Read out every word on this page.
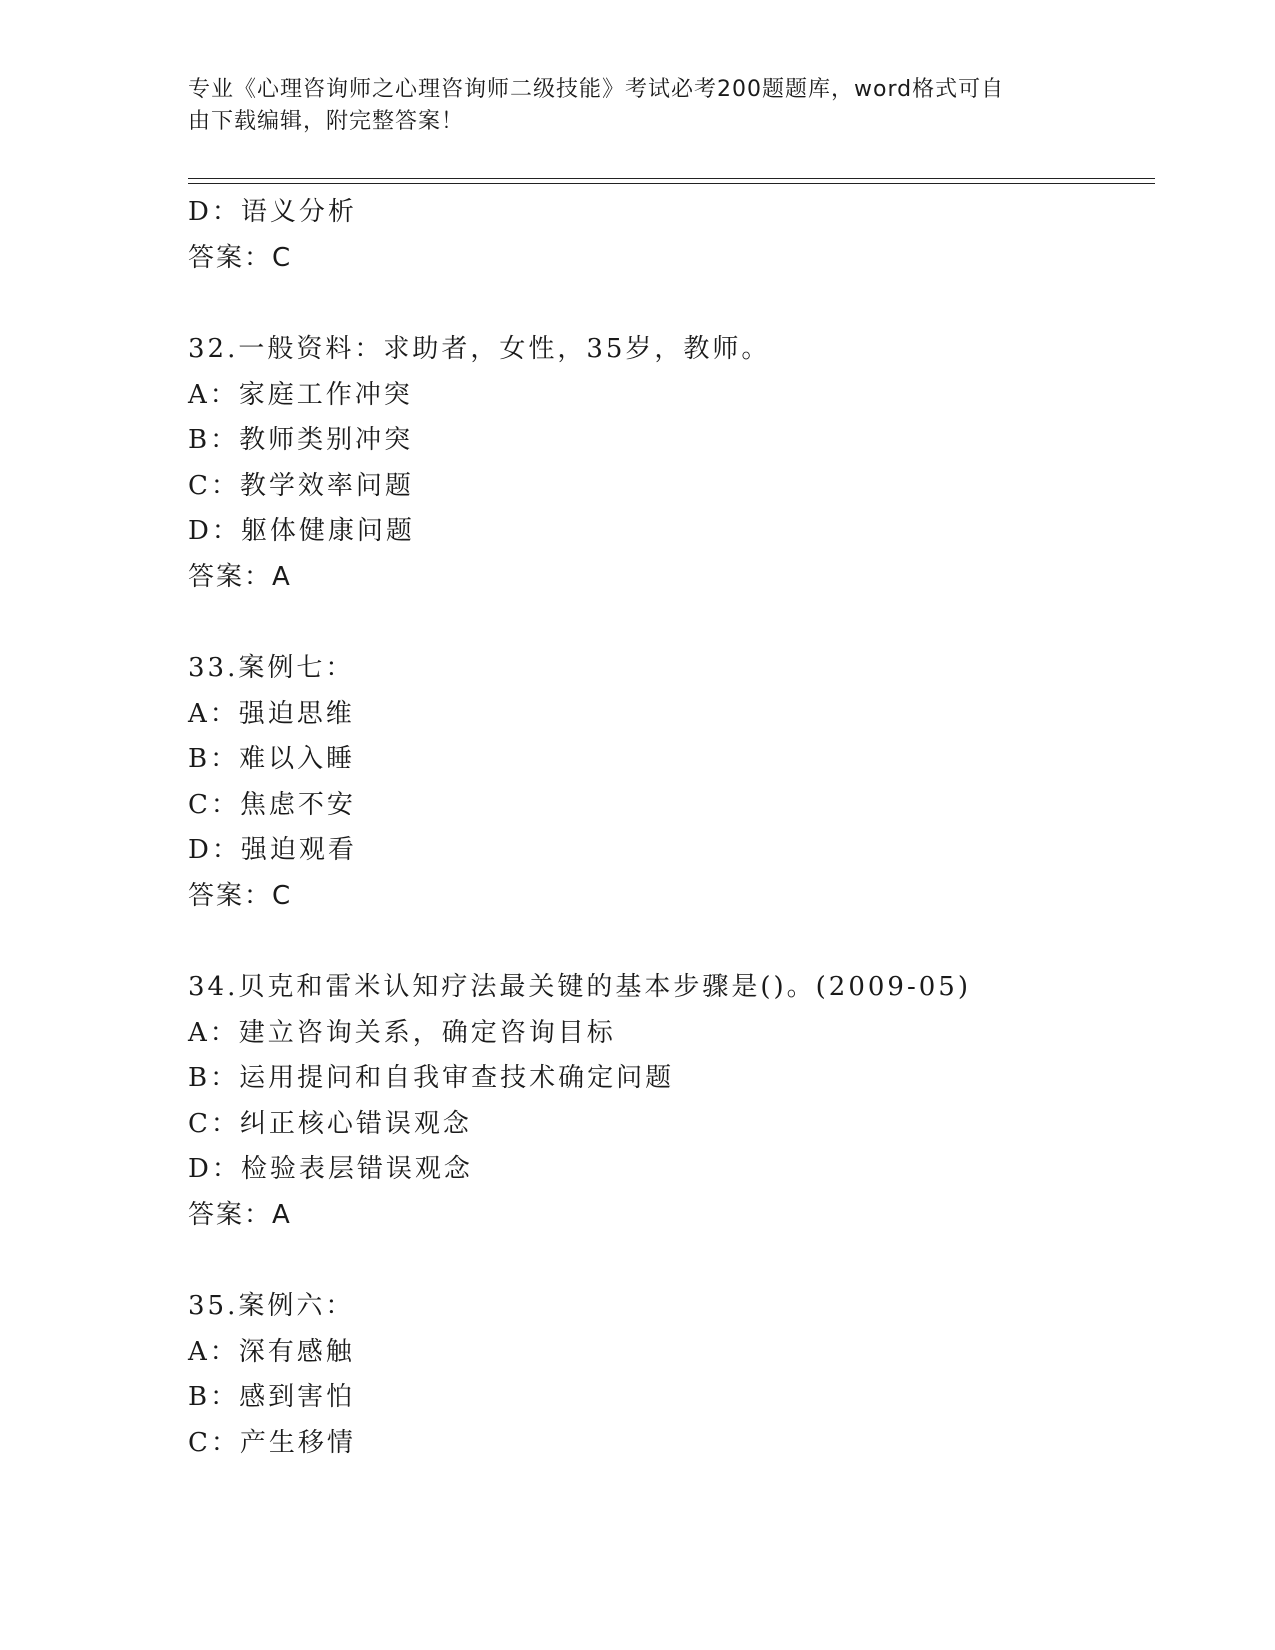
专业《心理咨询师之心理咨询师二级技能》考试必考200题题库，word格式可自
由下载编辑，附完整答案！
D：语义分析
答案：C
32.一般资料：求助者，女性，35岁，教师。
A：家庭工作冲突
B：教师类别冲突
C：教学效率问题
D：躯体健康问题
答案：A
33.案例七：
A：强迫思维
B：难以入睡
C：焦虑不安
D：强迫观看
答案：C
34.贝克和雷米认知疗法最关键的基本步骤是()。(2009-05)
A：建立咨询关系，确定咨询目标
B：运用提问和自我审查技术确定问题
C：纠正核心错误观念
D：检验表层错误观念
答案：A
35.案例六：
A：深有感触
B：感到害怕
C：产生移情
